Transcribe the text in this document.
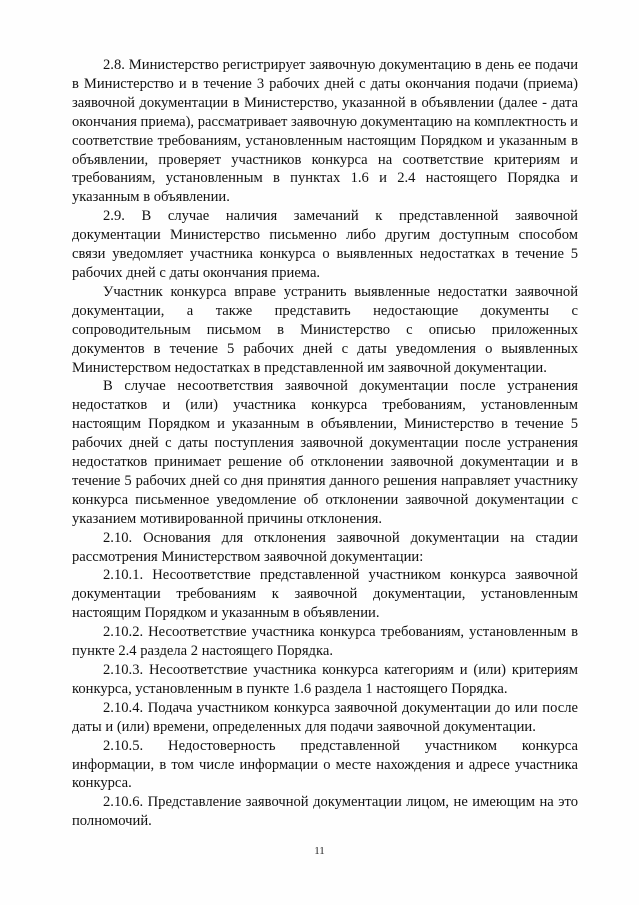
2.8. Министерство регистрирует заявочную документацию в день ее подачи в Министерство и в течение 3 рабочих дней с даты окончания подачи (приема) заявочной документации в Министерство, указанной в объявлении (далее - дата окончания приема), рассматривает заявочную документацию на комплектность и соответствие требованиям, установленным настоящим Порядком и указанным в объявлении, проверяет участников конкурса на соответствие критериям и требованиям, установленным в пунктах 1.6 и 2.4 настоящего Порядка и указанным в объявлении.

2.9. В случае наличия замечаний к представленной заявочной документации Министерство письменно либо другим доступным способом связи уведомляет участника конкурса о выявленных недостатках в течение 5 рабочих дней с даты окончания приема.

Участник конкурса вправе устранить выявленные недостатки заявочной документации, а также представить недостающие документы с сопроводительным письмом в Министерство с описью приложенных документов в течение 5 рабочих дней с даты уведомления о выявленных Министерством недостатках в представленной им заявочной документации.

В случае несоответствия заявочной документации после устранения недостатков и (или) участника конкурса требованиям, установленным настоящим Порядком и указанным в объявлении, Министерство в течение 5 рабочих дней с даты поступления заявочной документации после устранения недостатков принимает решение об отклонении заявочной документации и в течение 5 рабочих дней со дня принятия данного решения направляет участнику конкурса письменное уведомление об отклонении заявочной документации с указанием мотивированной причины отклонения.

2.10. Основания для отклонения заявочной документации на стадии рассмотрения Министерством заявочной документации:

2.10.1. Несоответствие представленной участником конкурса заявочной документации требованиям к заявочной документации, установленным настоящим Порядком и указанным в объявлении.

2.10.2. Несоответствие участника конкурса требованиям, установленным в пункте 2.4 раздела 2 настоящего Порядка.

2.10.3. Несоответствие участника конкурса категориям и (или) критериям конкурса, установленным в пункте 1.6 раздела 1 настоящего Порядка.

2.10.4. Подача участником конкурса заявочной документации до или после даты и (или) времени, определенных для подачи заявочной документации.

2.10.5. Недостоверность представленной участником конкурса информации, в том числе информации о месте нахождения и адресе участника конкурса.

2.10.6. Представление заявочной документации лицом, не имеющим на это полномочий.

11
